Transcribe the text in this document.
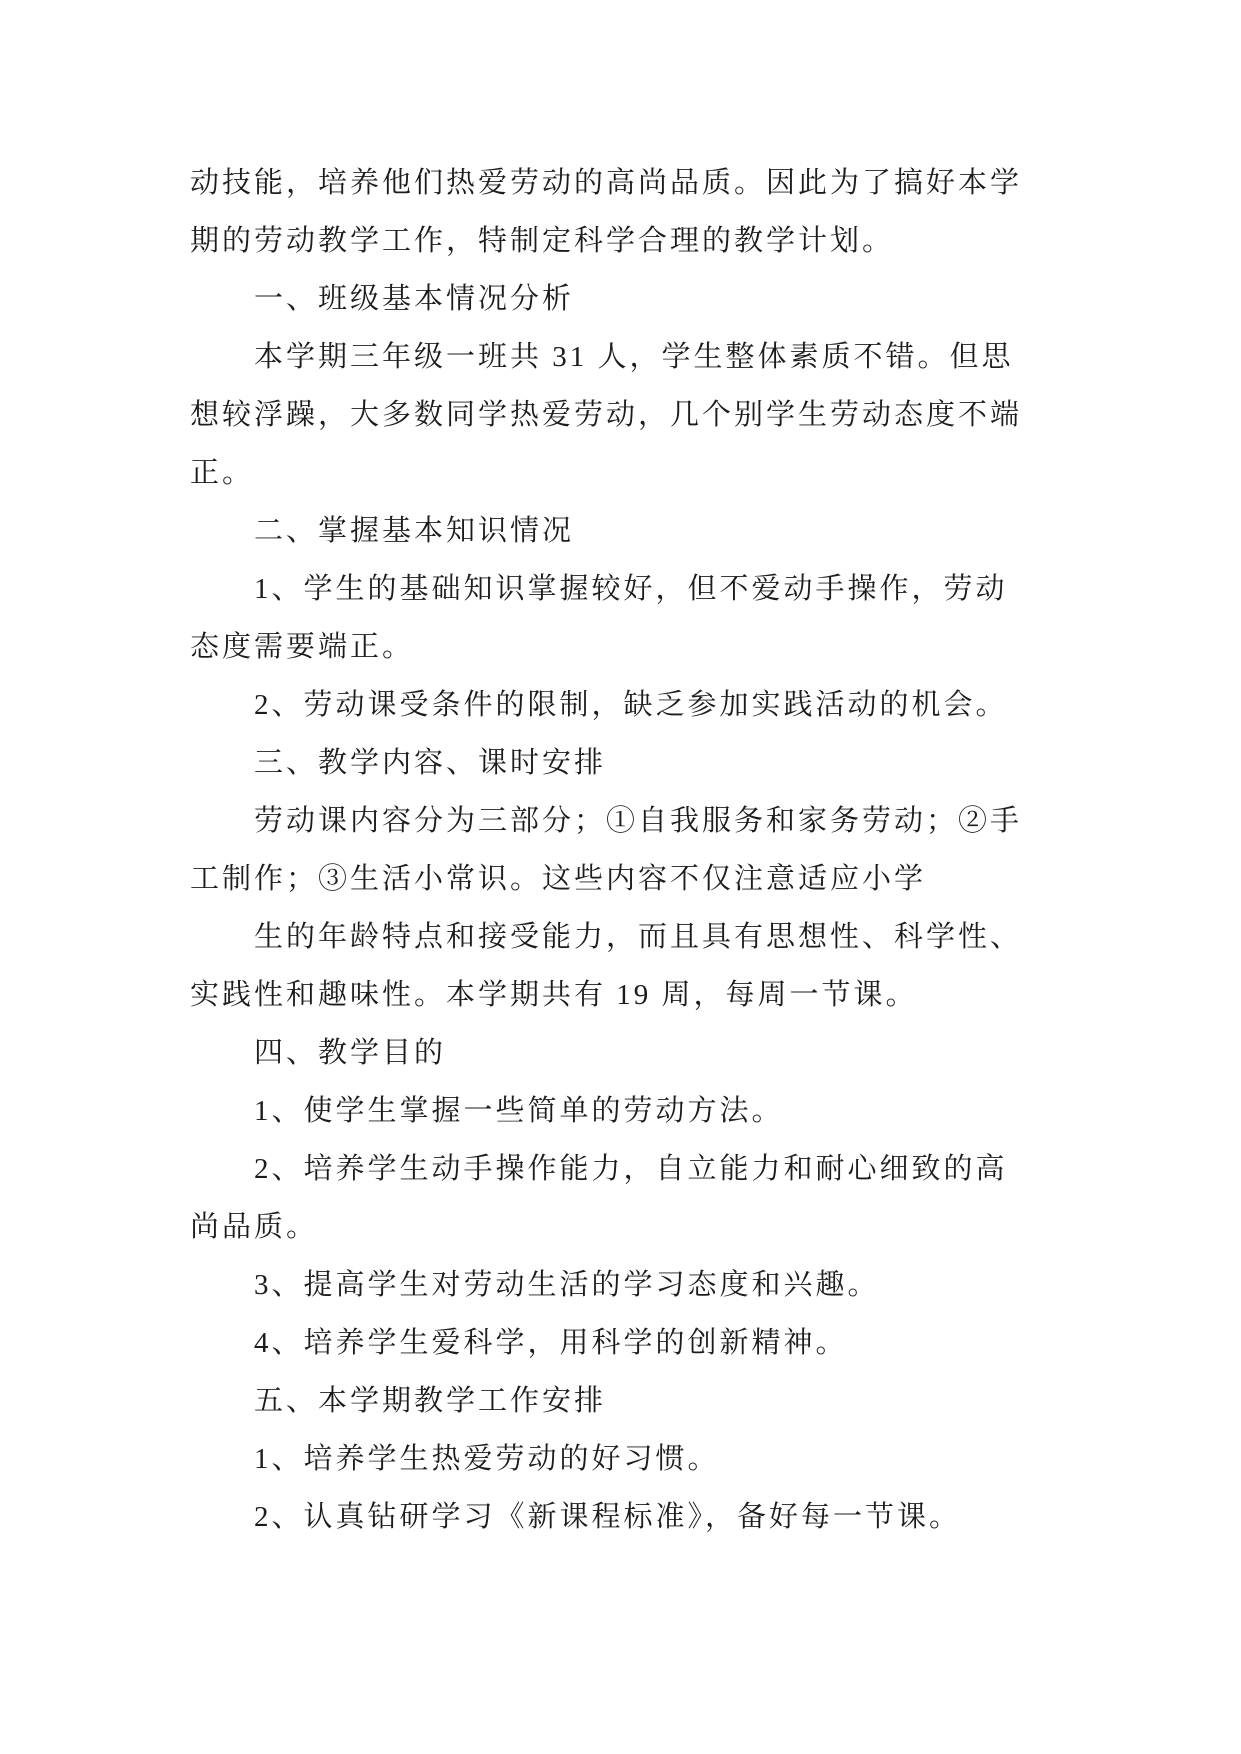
动技能，培养他们热爱劳动的高尚品质。因此为了搞好本学
期的劳动教学工作，特制定科学合理的教学计划。
一、班级基本情况分析
本学期三年级一班共 31 人，学生整体素质不错。但思
想较浮躁，大多数同学热爱劳动，几个别学生劳动态度不端
正。
二、掌握基本知识情况
1、学生的基础知识掌握较好，但不爱动手操作，劳动
态度需要端正。
2、劳动课受条件的限制，缺乏参加实践活动的机会。
三、教学内容、课时安排
劳动课内容分为三部分；①自我服务和家务劳动；②手
工制作；③生活小常识。这些内容不仅注意适应小学
生的年龄特点和接受能力，而且具有思想性、科学性、
实践性和趣味性。本学期共有 19 周，每周一节课。
四、教学目的
1、使学生掌握一些简单的劳动方法。
2、培养学生动手操作能力，自立能力和耐心细致的高
尚品质。
3、提高学生对劳动生活的学习态度和兴趣。
4、培养学生爱科学，用科学的创新精神。
五、本学期教学工作安排
1、培养学生热爱劳动的好习惯。
2、认真钻研学习《新课程标准》，备好每一节课。
